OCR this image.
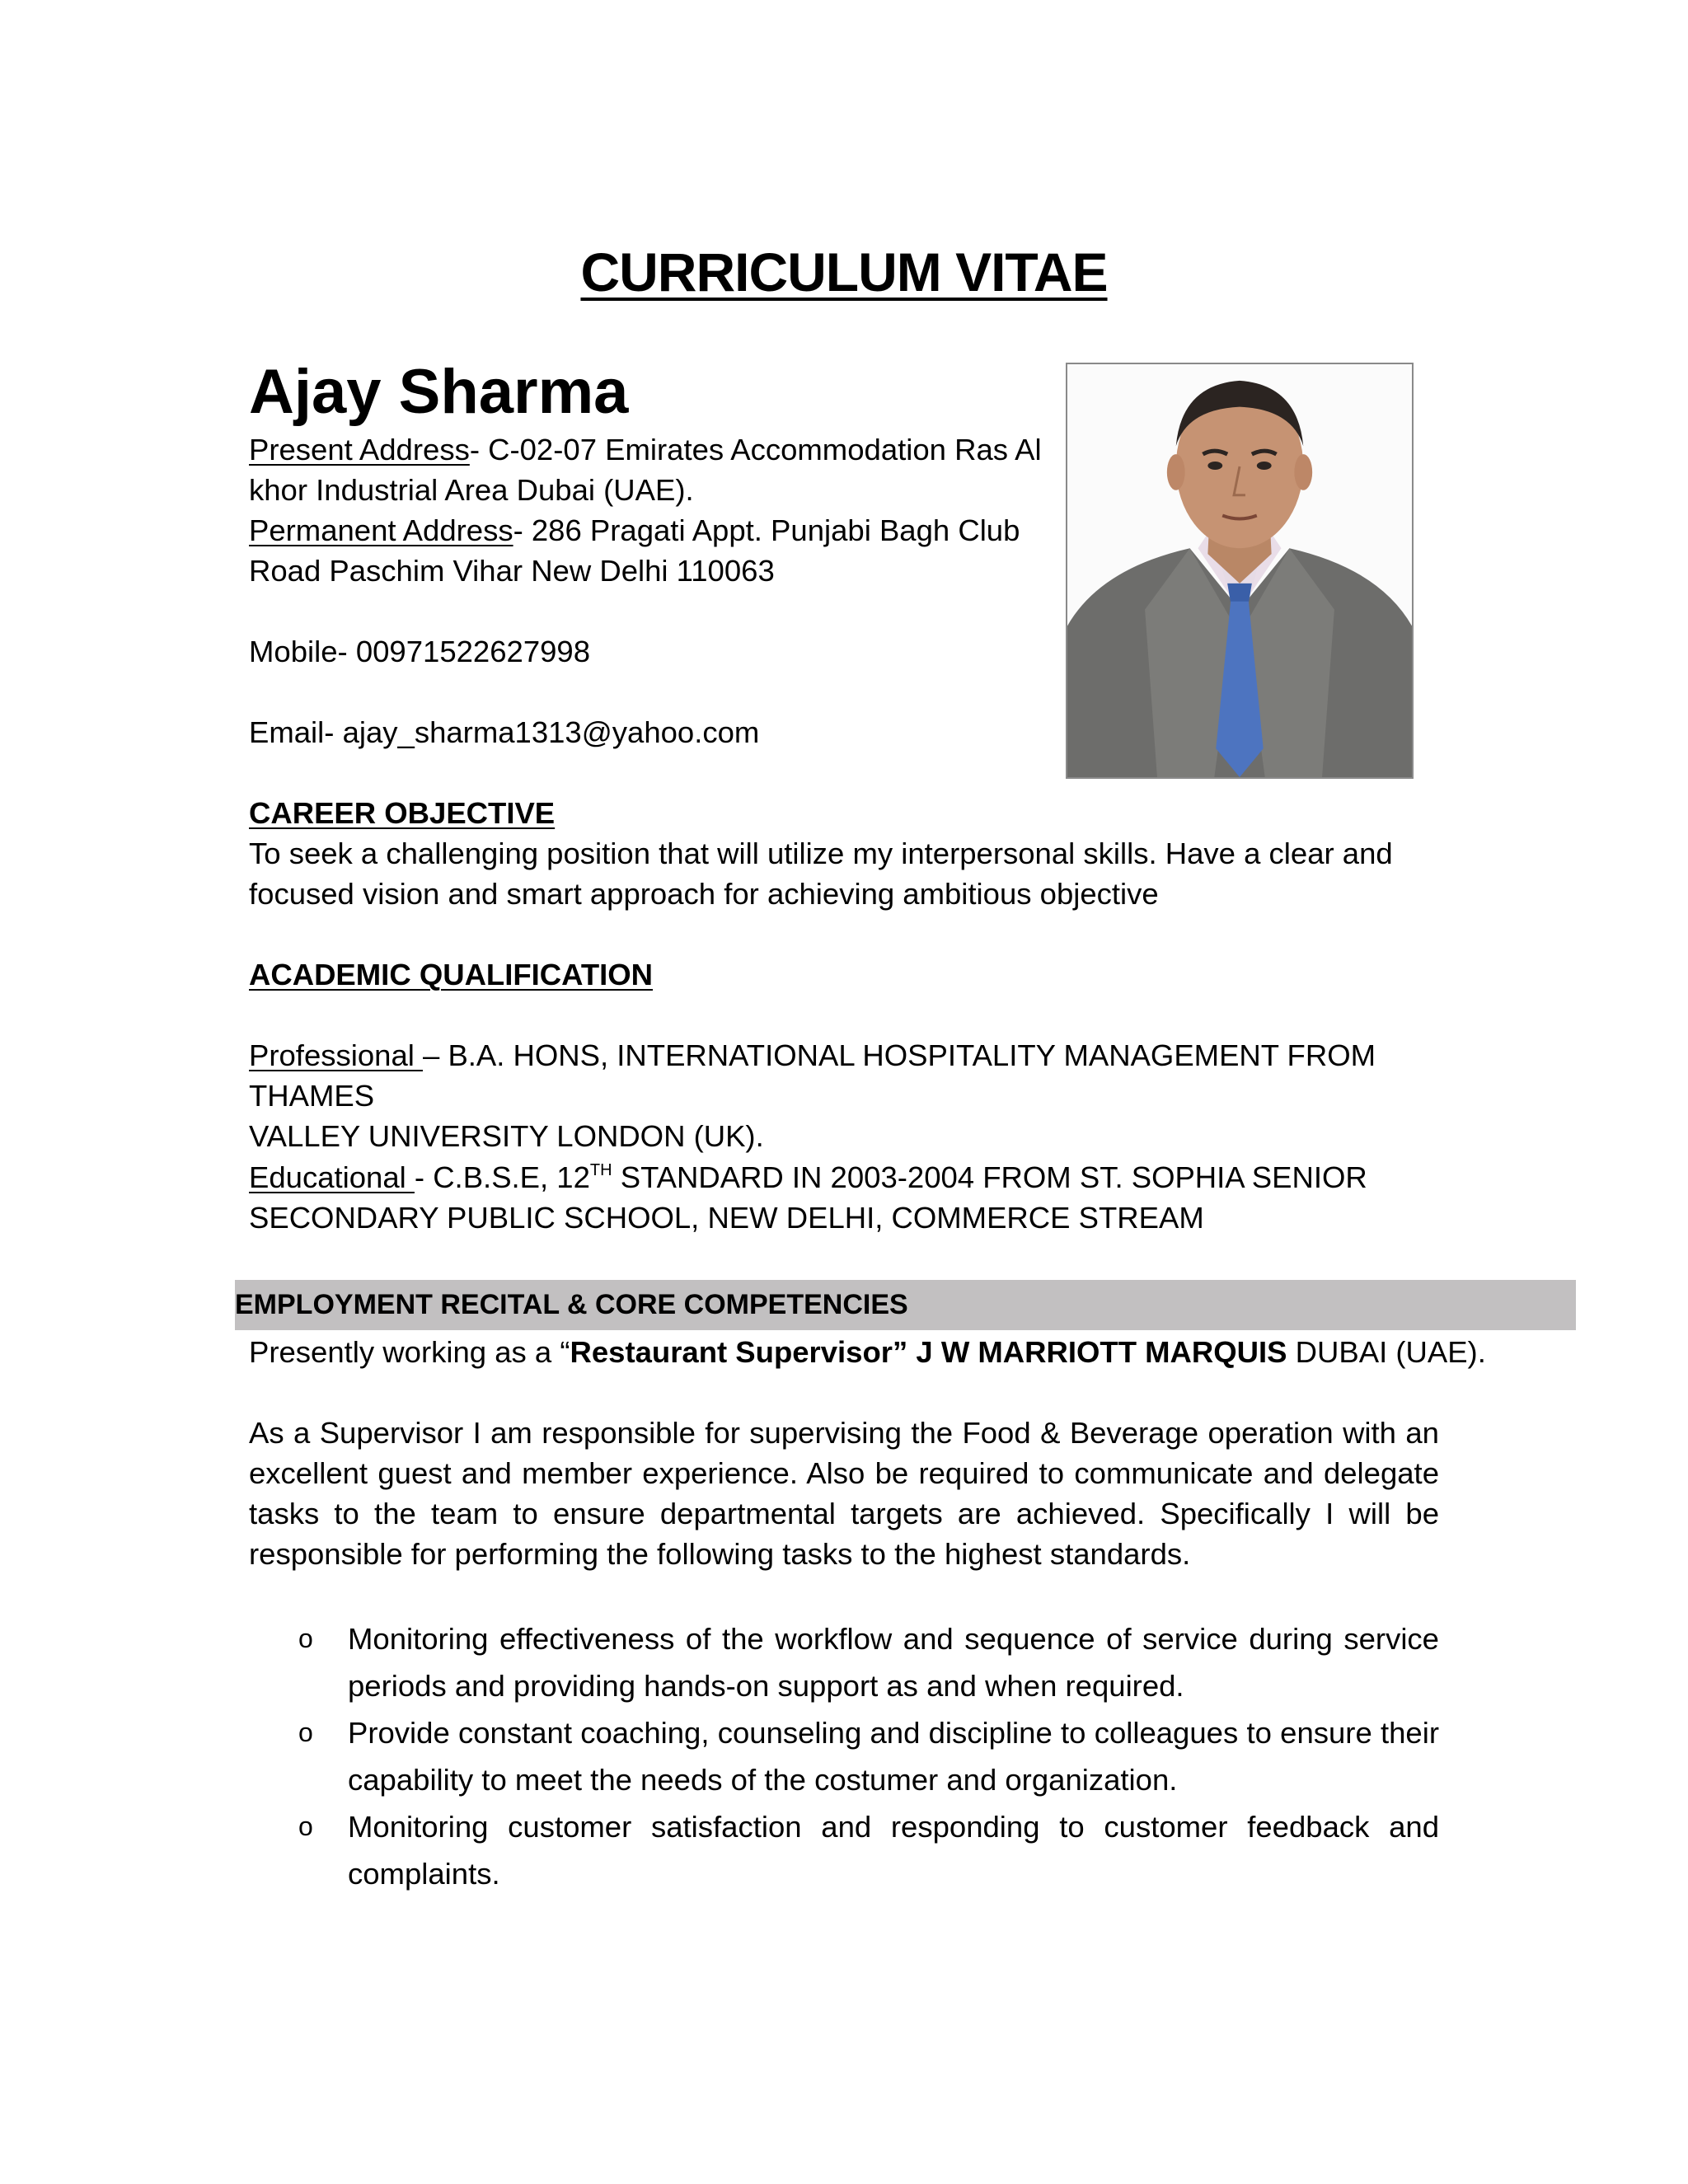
CURRICULUM VITAE
Ajay Sharma
Present Address- C-02-07 Emirates Accommodation Ras Al
khor Industrial Area Dubai (UAE).
Permanent Address- 286 Pragati Appt. Punjabi Bagh Club
Road Paschim Vihar New Delhi 110063
Mobile- 00971522627998
Email- ajay_sharma1313@yahoo.com
CAREER OBJECTIVE
To seek a challenging position that will utilize my interpersonal skills. Have a clear and
focused vision and smart approach for achieving ambitious objective
ACADEMIC QUALIFICATION
Professional – B.A. HONS, INTERNATIONAL HOSPITALITY MANAGEMENT FROM THAMES
VALLEY UNIVERSITY LONDON (UK).
Educational - C.B.S.E, 12TH STANDARD IN 2003-2004 FROM ST. SOPHIA SENIOR
SECONDARY PUBLIC SCHOOL, NEW DELHI, COMMERCE STREAM
EMPLOYMENT RECITAL & CORE COMPETENCIES
Presently working as a “Restaurant Supervisor” J W MARRIOTT MARQUIS DUBAI (UAE).
As a Supervisor I am responsible for supervising the Food & Beverage operation with an excellent guest and member experience. Also be required to communicate and delegate tasks to the team to ensure departmental targets are achieved. Specifically I will be responsible for performing the following tasks to the highest standards.
o Monitoring effectiveness of the workflow and sequence of service during service periods and providing hands-on support as and when required.
o Provide constant coaching, counseling and discipline to colleagues to ensure their capability to meet the needs of the costumer and organization.
o Monitoring customer satisfaction and responding to customer feedback and complaints.
